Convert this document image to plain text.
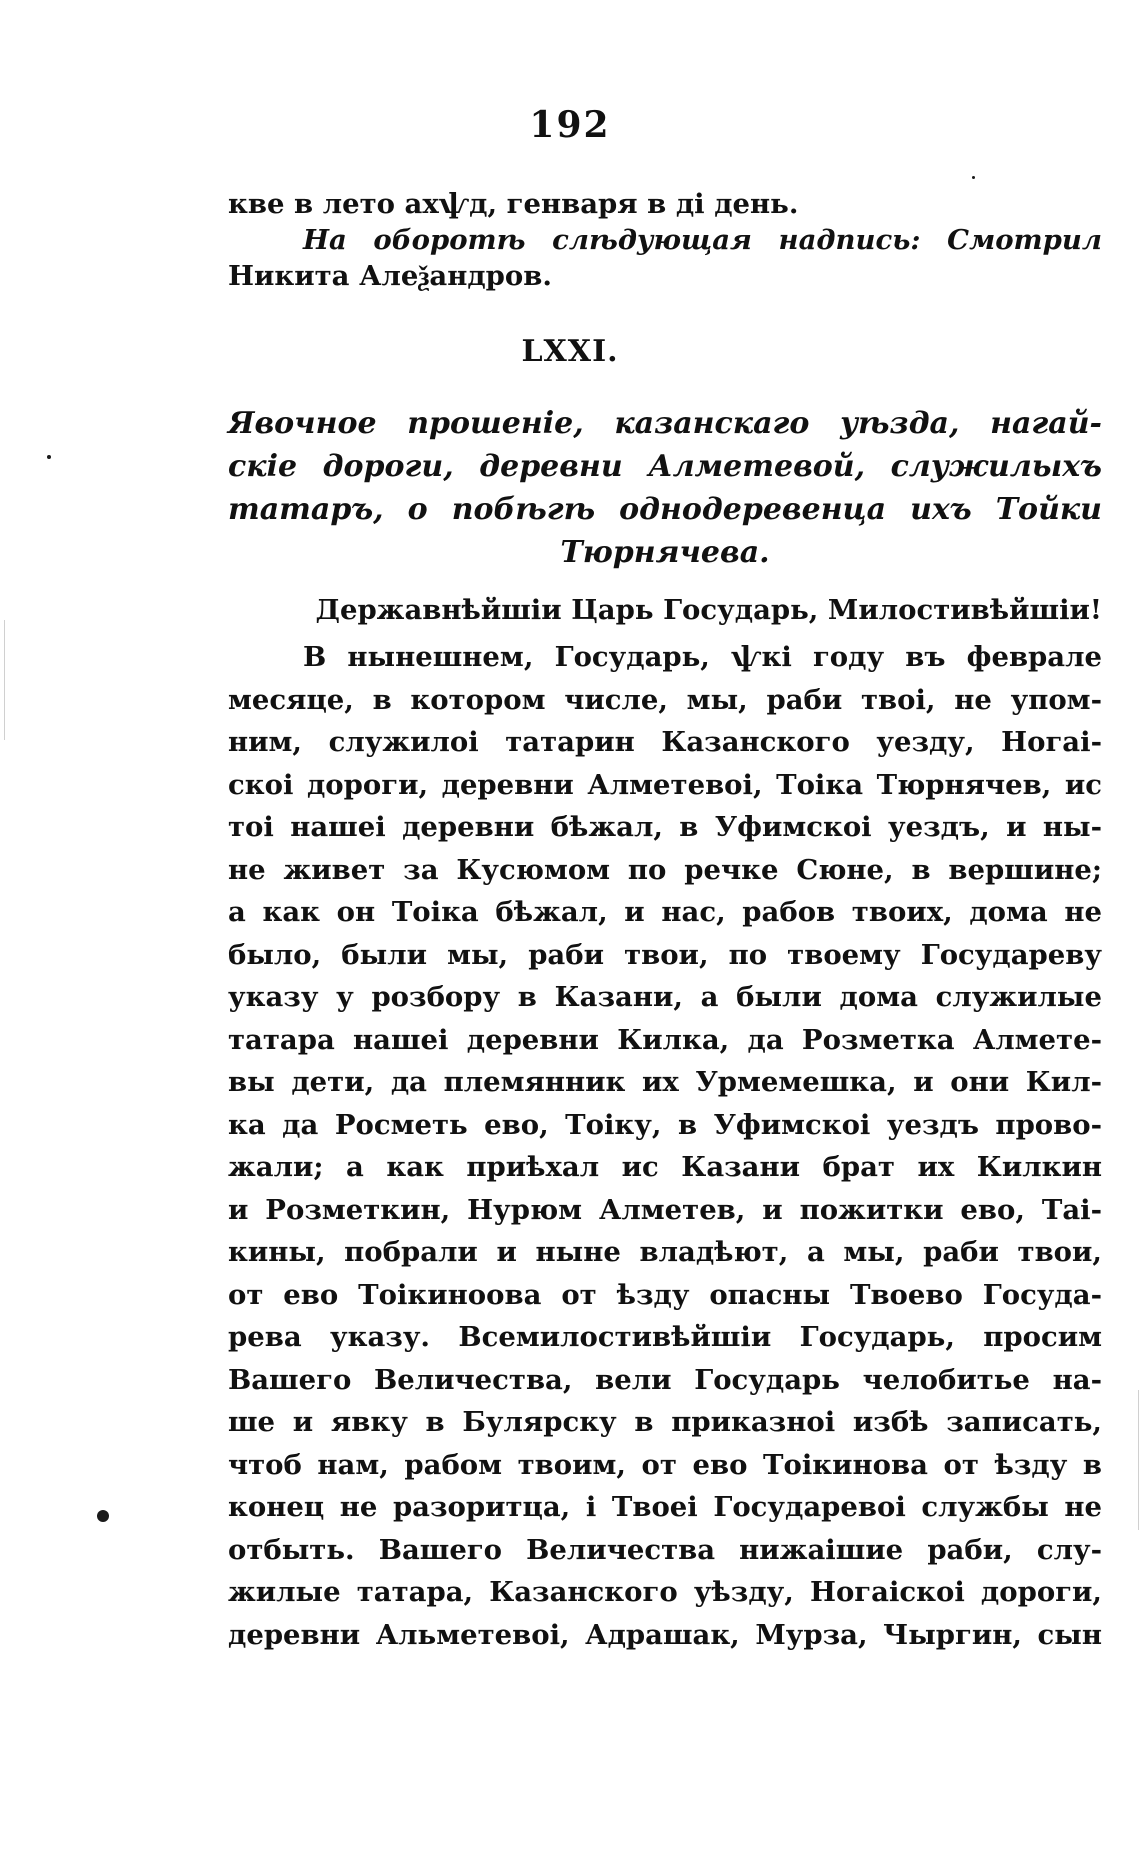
192
кве в лето ахѱд, генваря в дi день.
На оборотѣ слѣдующая надпись: Смотрил
Никита Алеѯандров.
LXXI.
Явочное прошенiе, казанскаго уѣзда, нагай-
скiе дороги, деревни Алметевой, служилыхъ
татаръ, о побѣгѣ однодеревенца ихъ Тойки
Тюрнячева.
Державнѣйшiи Царь Государь, Милостивѣйшiи!
В нынешнем, Государь, ѱкi году въ феврале
месяце, в котором числе, мы, раби твоi, не упом-
ним, служилоi татарин Казанского уезду, Ногаi-
скоi дороги, деревни Алметевоi, Тоiка Тюрнячев, ис
тоi нашеi деревни бѣжал, в Уфимскоi уездъ, и ны-
не живет за Кусюмом по речке Сюне, в вершине;
а как он Тоiка бѣжал, и нас, рабов твоих, дома не
было, были мы, раби твои, по твоему Государеву
указу у розбору в Казани, а были дома служилые
татара нашеi деревни Килка, да Розметка Алмете-
вы дети, да племянник их Урмемешка, и они Кил-
ка да Росметь ево, Тоiку, в Уфимскоi уездъ прово-
жали; а как приѣхал ис Казани брат их Килкин
и Розметкин, Нурюм Алметев, и пожитки ево, Таi-
кины, побрали и ныне владѣют, а мы, раби твои,
от ево Тоiкиноова от ѣзду опасны Твоево Госуда-
рева указу. Всемилостивѣйшiи Государь, просим
Вашего Величества, вели Государь челобитье на-
ше и явку в Булярску в приказноi избѣ записать,
чтоб нам, рабом твоим, от ево Тоiкинова от ѣзду в
конец не разоритца, i Твоеi Государевоi службы не
отбыть. Вашего Величества нижаiшие раби, слу-
жилые татара, Казанского уѣзду, Ногаiскоi дороги,
деревни Альметевоi, Адрашак, Мурза, Чыргин, сын
